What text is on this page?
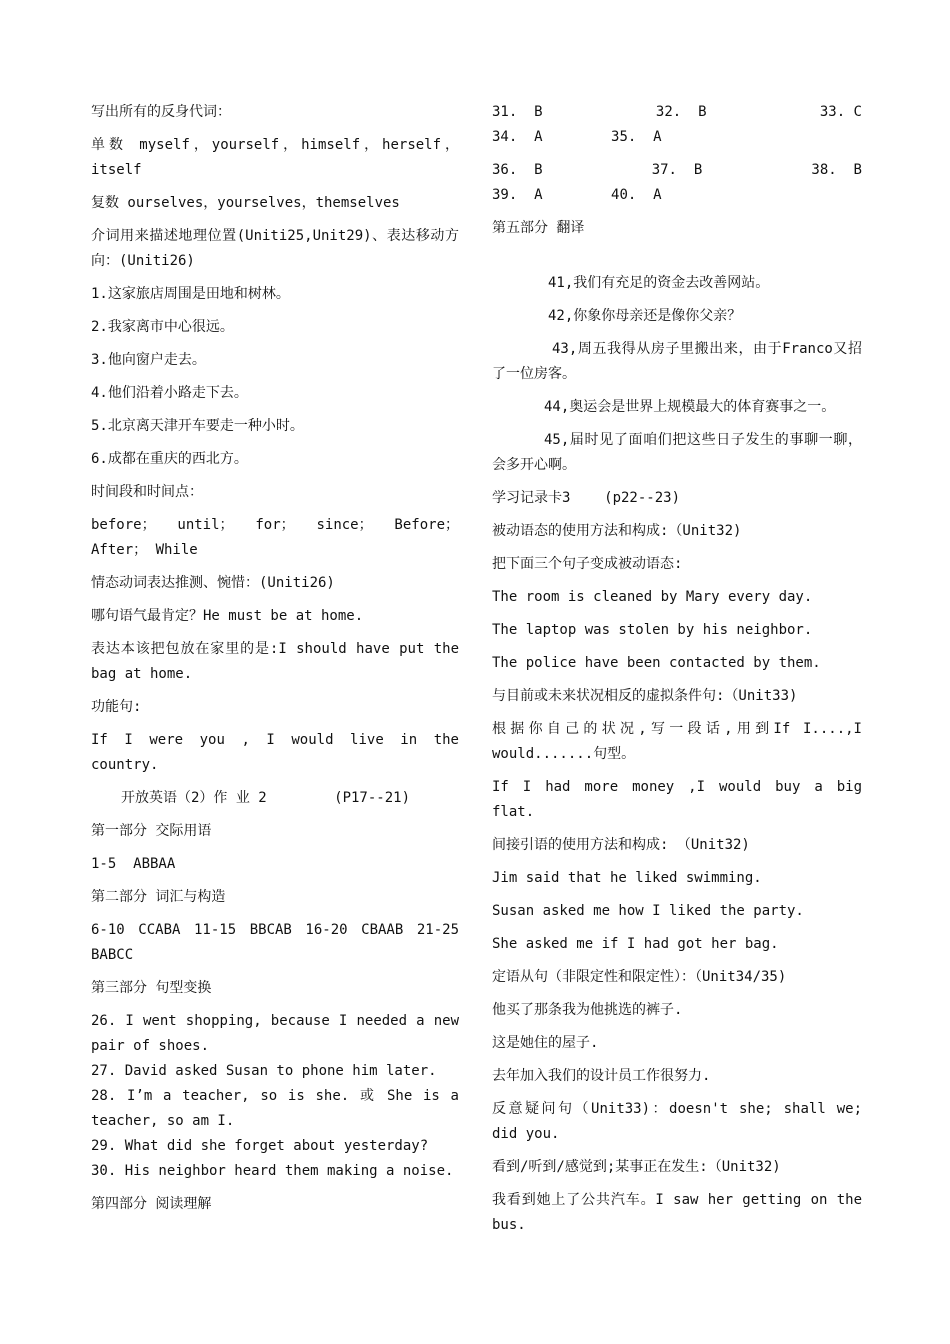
写出所有的反身代词：

单数 myself，yourself，himself，herself，itself

复数 ourselves，yourselves，themselves

介词用来描述地理位置(Uniti25,Unit29)、表达移动方向：(Uniti26)

1.这家旅店周围是田地和树林。

2.我家离市中心很远。

3.他向窗户走去。

4.他们沿着小路走下去。

5.北京离天津开车要走一种小时。

6.成都在重庆的西北方。

时间段和时间点：

before； until； for； since； Before；After； While

情态动词表达推测、惋惜：(Uniti26)

哪句语气最肯定？He must be at home.

表达本该把包放在家里的是:I should have put the bag at home.

功能句:

If I were you , I would live in the country.

开放英语（2）作 业 2        (P17--21)

第一部分 交际用语

1-5  ABBAA

第二部分 词汇与构造

6-10 CCABA 11-15 BBCAB 16-20 CBAAB 21-25 BABCC

第三部分 句型变换

26. I went shopping, because I needed a new pair of shoes.

27. David asked Susan to phone him later.

28. I’m a teacher, so is she. 或 She is a teacher, so am I.

29. What did she forget about yesterday?

30. His neighbor heard them making a noise.

第四部分 阅读理解

31.  B	32.  B	33. C
34.  A	35.  A
36.  B	37.  B	38.  B
39.  A	40.  A

第五部分 翻译

41,我们有充足的资金去改善网站。

42,你象你母亲还是像你父亲？

43,周五我得从房子里搬出来，由于Franco又招了一位房客。

44,奥运会是世界上规模最大的体育赛事之一。

45,届时见了面咱们把这些日子发生的事聊一聊，会多开心啊。

学习记录卡3    (p22--23)

被动语态的使用方法和构成:（Unit32)

把下面三个句子变成被动语态:

The room is cleaned by Mary every day.

The laptop was stolen by his neighbor.

The police have been contacted by them.

与目前或未来状况相反的虚拟条件句:（Unit33)

根据你自己的状况,写一段话,用到If I....,I would.......句型。

If I had more money ,I would buy a big flat.

间接引语的使用方法和构成: （Unit32)

Jim said that he liked swimming.

Susan asked me how I liked the party.

She asked me if I had got her bag.

定语从句（非限定性和限定性）：（Unit34/35)

他买了那条我为他挑选的裤子.

这是她住的屋子.

去年加入我们的设计员工作很努力.

反意疑问句（Unit33)：doesn't she; shall we; did you.

看到/听到/感觉到;某事正在发生:（Unit32)

我看到她上了公共汽车。I saw her getting on the bus.
